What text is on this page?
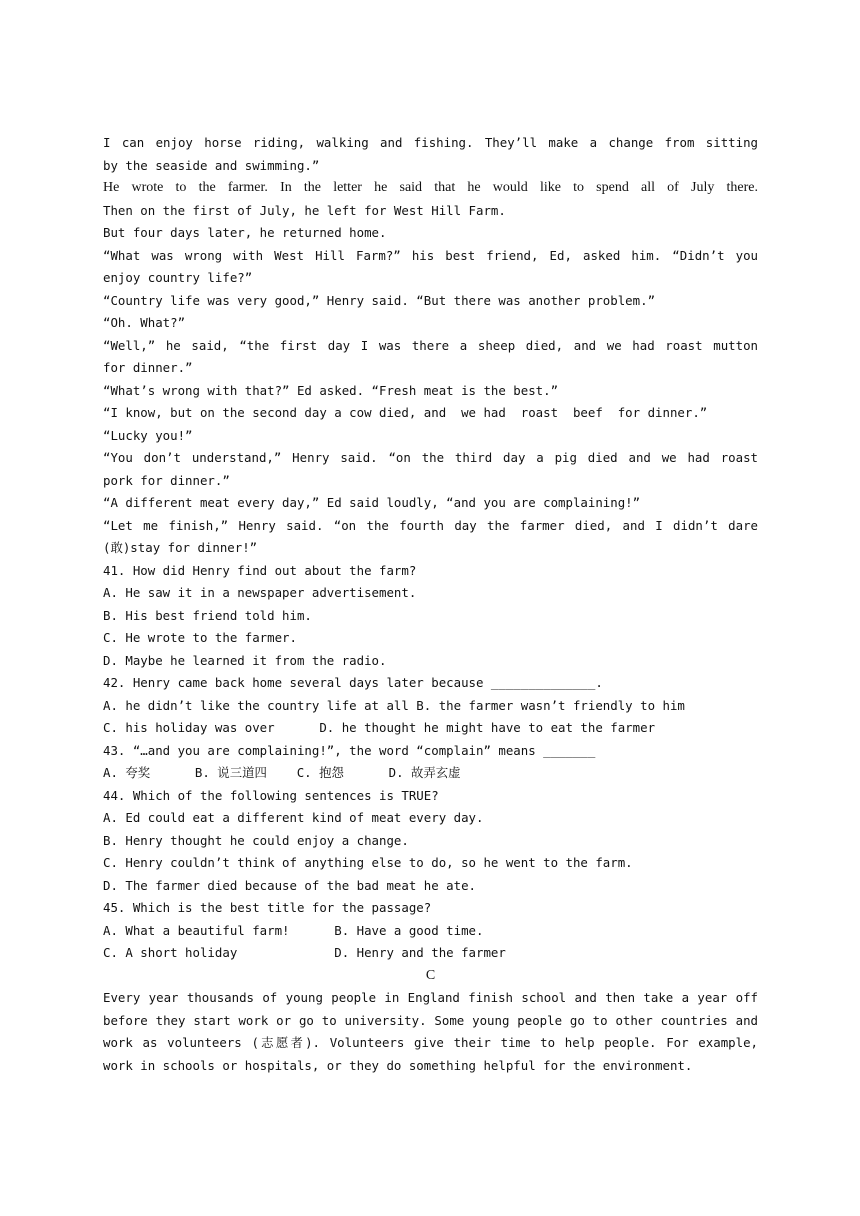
I can enjoy horse riding, walking and fishing. They’ll make a change from sitting
by the seaside and swimming.”
He wrote to the farmer. In the letter he said that he would like to spend all of July there.
Then on the first of July, he left for West Hill Farm.
But four days later, he returned home.
“What was wrong with West Hill Farm?” his best friend, Ed, asked him. “Didn’t you
enjoy country life?”
“Country life was very good,” Henry said. “But there was another problem.”
“Oh. What?”
“Well,” he said, “the first day I was there a sheep died, and we had roast mutton
for dinner.”
“What’s wrong with that?” Ed asked. “Fresh meat is the best.”
“I know, but on the second day a cow died, and  we had  roast  beef  for dinner.”
“Lucky you!”
“You don’t understand,” Henry said. “on the third day a pig died and we had roast
pork for dinner.”
“A different meat every day,” Ed said loudly, “and you are complaining!”
“Let me finish,” Henry said. “on the fourth day the farmer died, and I didn’t dare
(敢)stay for dinner!”
41. How did Henry find out about the farm?
A. He saw it in a newspaper advertisement.
B. His best friend told him.
C. He wrote to the farmer.
D. Maybe he learned it from the radio.
42. Henry came back home several days later because ______________.
A. he didn’t like the country life at all B. the farmer wasn’t friendly to him
C. his holiday was over      D. he thought he might have to eat the farmer
43. “…and you are complaining!”, the word “complain” means _______
A. 夸奖      B. 说三道四    C. 抱怨      D. 故弄玄虚
44. Which of the following sentences is TRUE?
A. Ed could eat a different kind of meat every day.
B. Henry thought he could enjoy a change.
C. Henry couldn’t think of anything else to do, so he went to the farm.
D. The farmer died because of the bad meat he ate.
45. Which is the best title for the passage?
A. What a beautiful farm!      B. Have a good time.
C. A short holiday             D. Henry and the farmer
C
Every year thousands of young people in England finish school and then take a year off
before they start work or go to university. Some young people go to other countries and
work as volunteers (志愿者). Volunteers give their time to help people. For example,
work in schools or hospitals, or they do something helpful for the environment.
